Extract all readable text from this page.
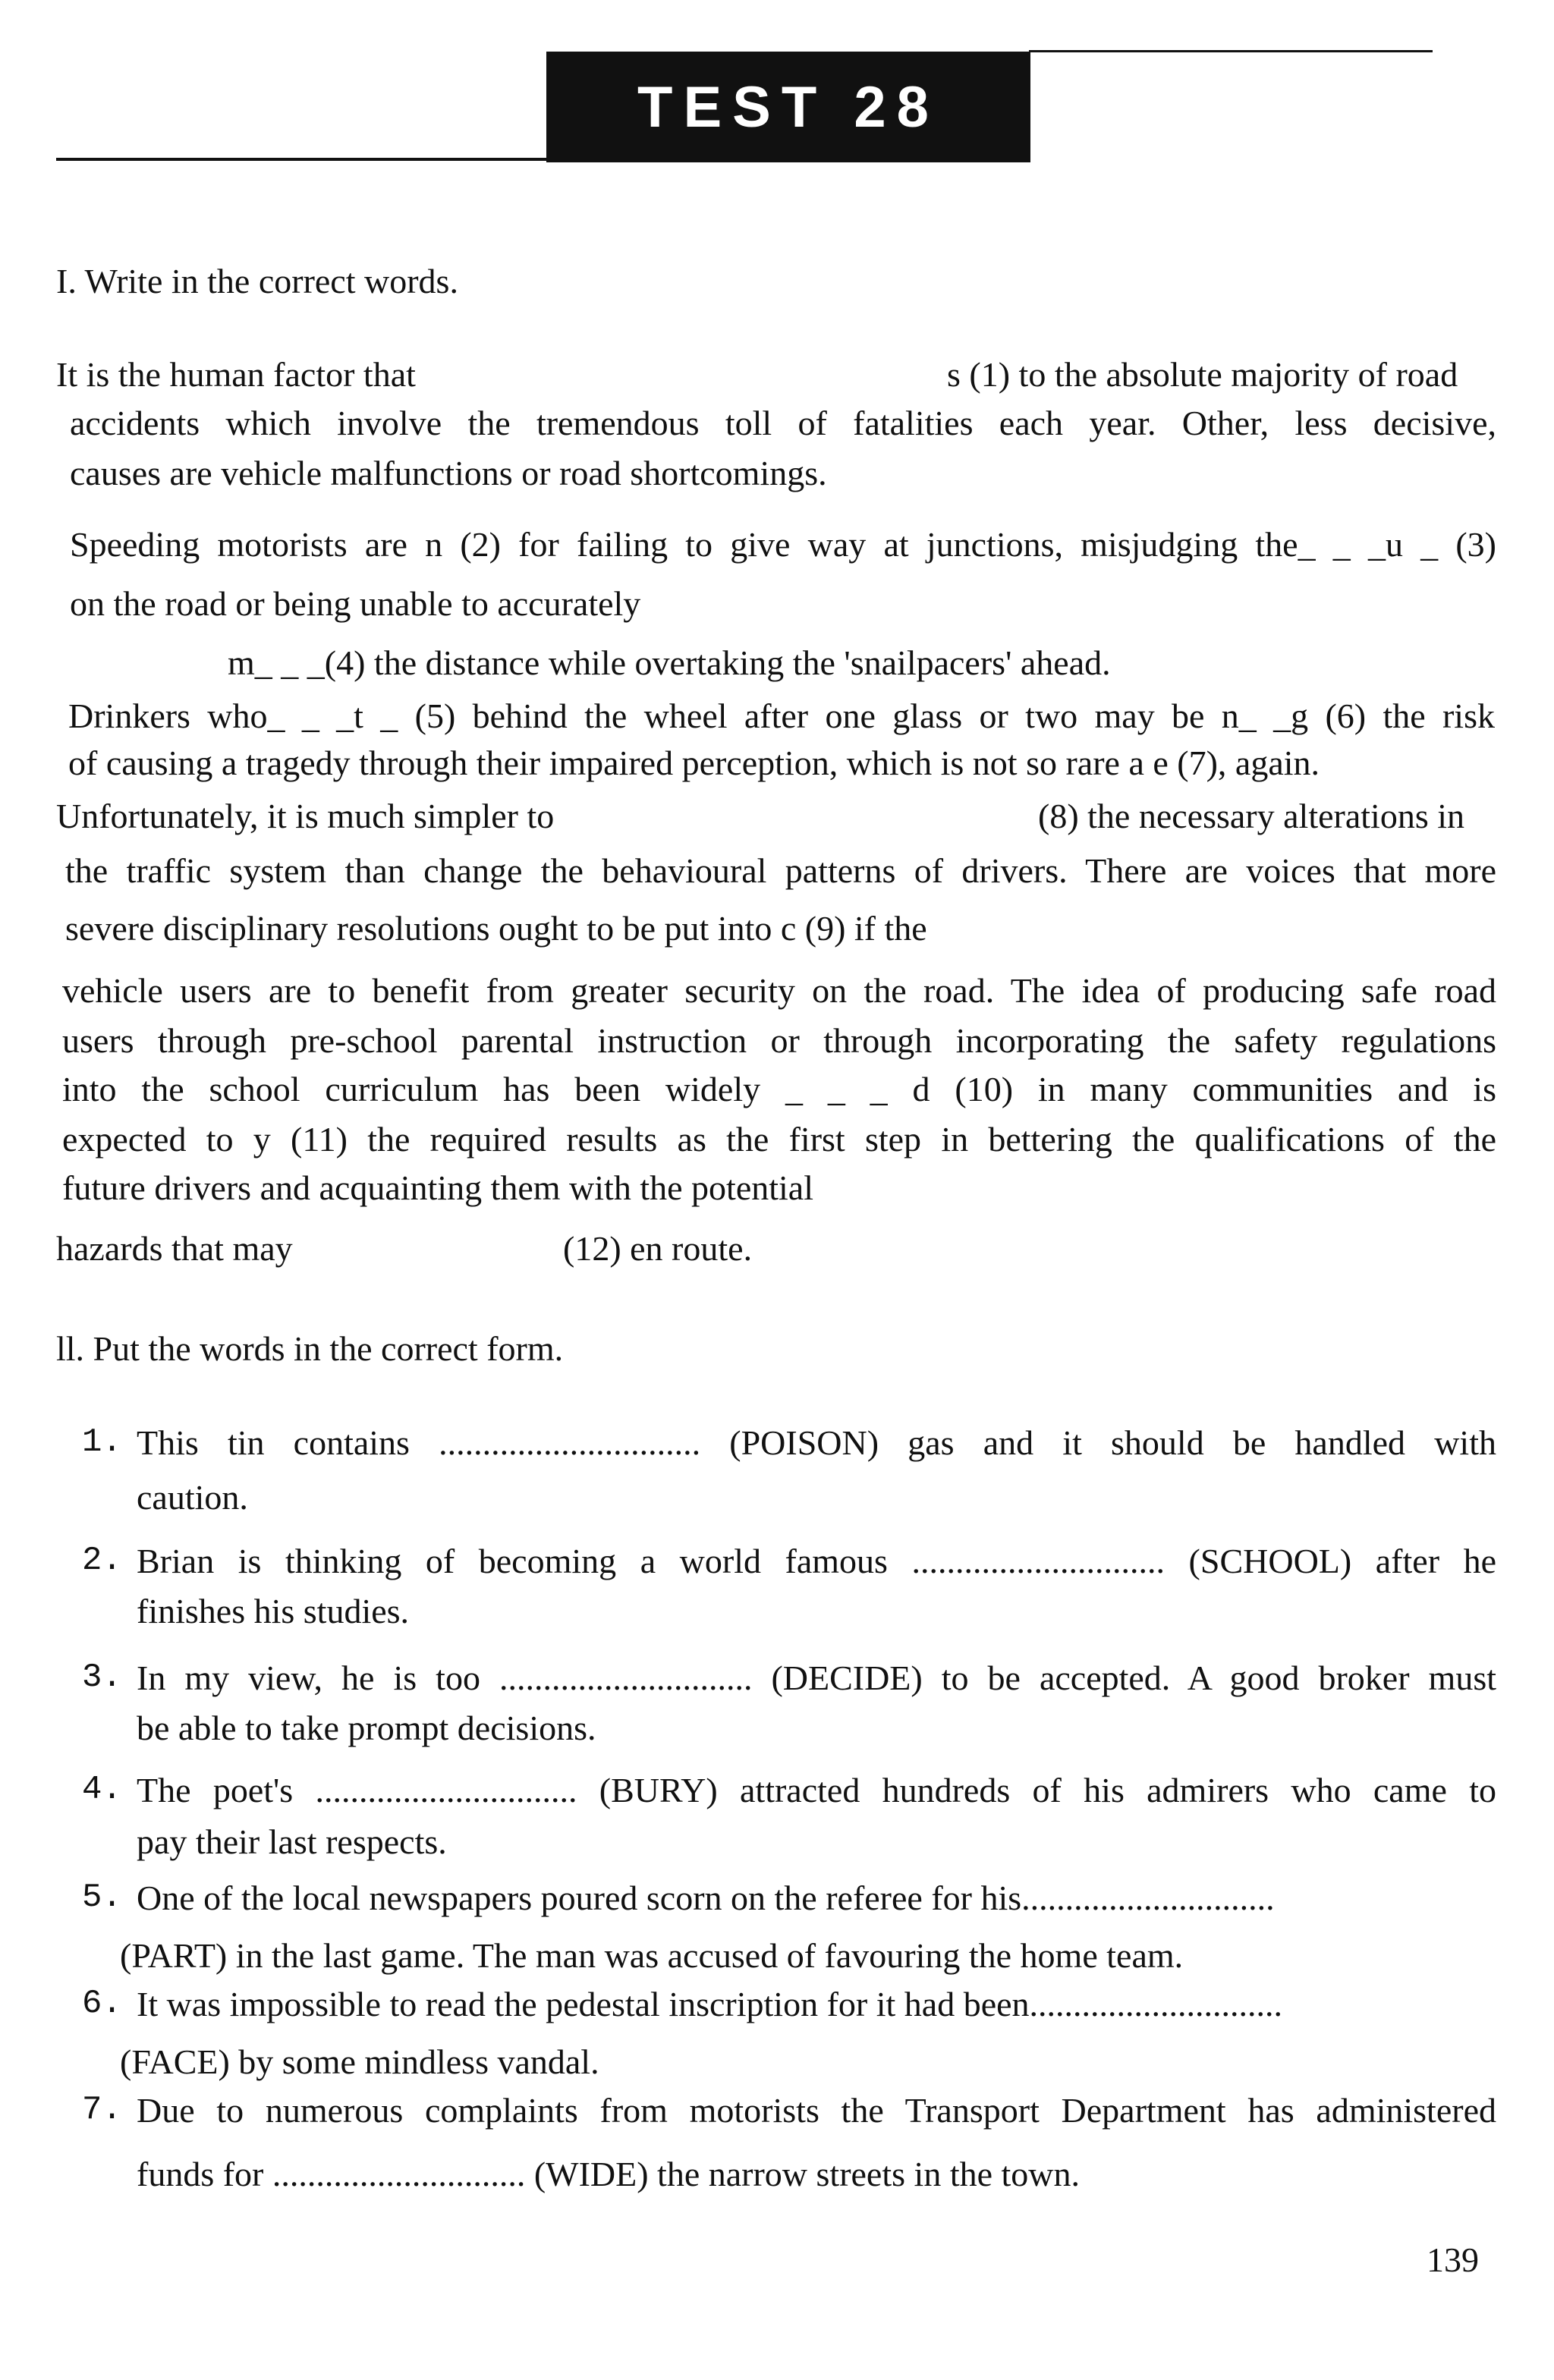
TEST 28
I. Write in the correct words.
It is the human factor that	s (1) to the absolute majority of road
accidents which involve the tremendous toll of fatalities each year. Other, less decisive,
causes are vehicle malfunctions or road shortcomings.
Speeding motorists are n (2) for failing to give way at junctions, misjudging the_ _ _u _ (3)
on the road or being unable to accurately
m_ _ _(4) the distance while overtaking the 'snailpacers' ahead.
Drinkers who_ _ _t _ (5) behind the wheel after one glass or two may be n_ _g (6) the risk
of causing a tragedy through their impaired perception, which is not so rare a e (7), again.
Unfortunately, it is much simpler to	(8) the necessary alterations in
the traffic system than change the behavioural patterns of drivers. There are voices that more
severe disciplinary resolutions ought to be put into c (9) if the
vehicle users are to benefit from greater security on the road. The idea of producing safe road
users through pre-school parental instruction or through incorporating the safety regulations
into the school curriculum has been widely _ _ _ d (10) in many communities and is
expected to y (11) the required results as the first step in bettering the qualifications of the
future drivers and acquainting them with the potential
hazards that may	(12) en route.
ll. Put the words in the correct form.
1. This tin contains .............................. (POISON) gas and it should be handled with
caution.
2. Brian is thinking of becoming a world famous ............................. (SCHOOL) after he
finishes his studies.
3. In my view, he is too ............................. (DECIDE) to be accepted. A good broker must
be able to take prompt decisions.
4. The poet's .............................. (BURY) attracted hundreds of his admirers who came to
pay their last respects.
5. One of the local newspapers poured scorn on the referee for his.............................
(PART) in the last game. The man was accused of favouring the home team.
6. It was impossible to read the pedestal inscription for it had been.............................
(FACE) by some mindless vandal.
7. Due to numerous complaints from motorists the Transport Department has administered
funds for ............................. (WIDE) the narrow streets in the town.
139
